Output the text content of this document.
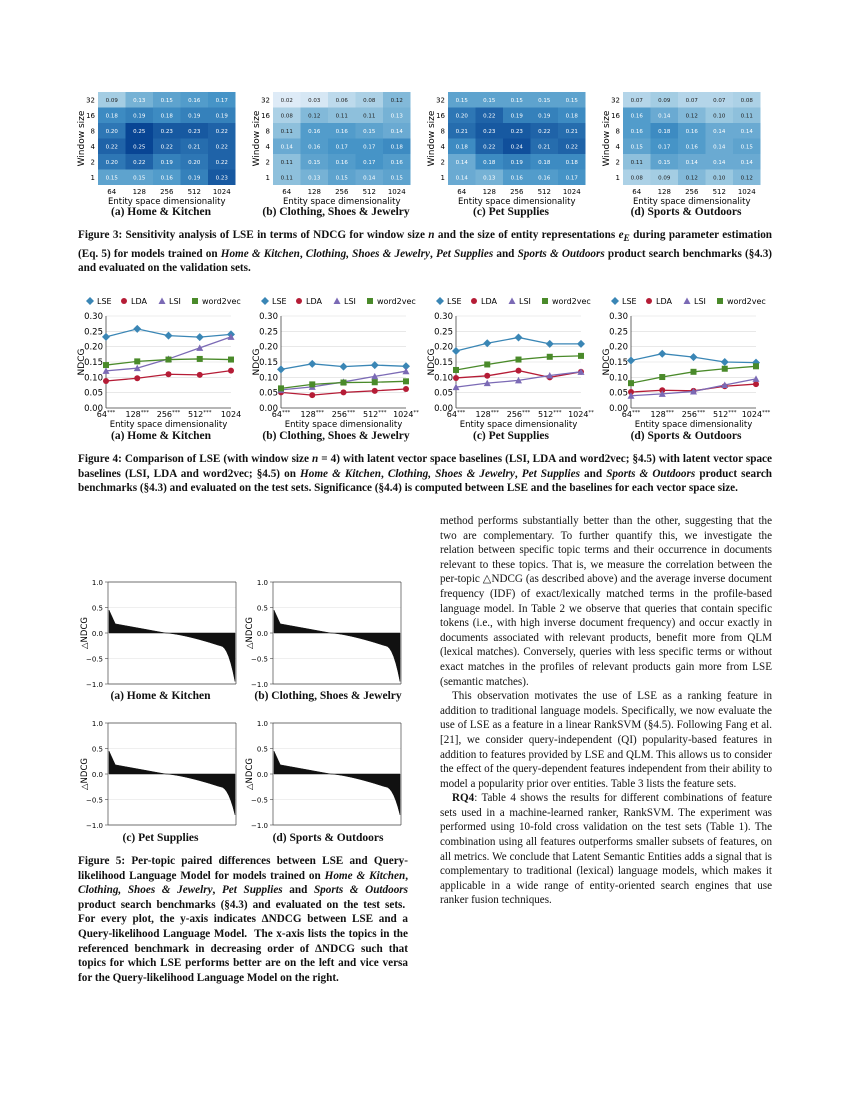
Window size
32 0.09	0.13	0.15	0.16	0.17
16 0.18	0.19	0.18	0.19	0.19
8 0.20	0.25	0.23	0.23	0.22
4 0.22	0.25	0.22	0.21	0.22
2 0.20	0.22	0.19	0.20	0.22
1 0.15	0.15	0.16	0.19	0.23
64 128 256 512 1024
Entity space dimensionality
Window size
32 0.02	0.03	0.06	0.08	0.12
16 0.08	0.12	0.11	0.11	0.13
8 0.11	0.16	0.16	0.15	0.14
4 0.14	0.16	0.17	0.17	0.18
2 0.11	0.15	0.16	0.17	0.16
1 0.11	0.13	0.15	0.14	0.15
64 128 256 512 1024
Entity space dimensionality
Window size
32 0.15	0.15	0.15	0.15	0.15
16 0.20	0.22	0.19	0.19	0.18
8 0.21	0.23	0.23	0.22	0.21
4 0.18	0.22	0.24	0.21	0.22
2 0.14	0.18	0.19	0.18	0.18
1 0.14	0.13	0.16	0.16	0.17
64 128 256 512 1024
Entity space dimensionality
Window size
32 0.07	0.09	0.07	0.07	0.08
16 0.16	0.14	0.12	0.10	0.11
8 0.16	0.18	0.16	0.14	0.14
4 0.15	0.17	0.16	0.14	0.15
2 0.11	0.15	0.14	0.14	0.14
1 0.08	0.09	0.12	0.10	0.12
64 128 256 512 1024
Entity space dimensionality
(a) Home & Kitchen	(b) Clothing, Shoes & Jewelry	(c) Pet Supplies	(d) Sports & Outdoors
Figure 3: Sensitivity analysis of LSE in terms of NDCG for window size n and the size of entity representations $e_E$ during parameter estimation (Eq. 5) for models trained on Home & Kitchen, Clothing, Shoes & Jewelry, Pet Supplies and Sports & Outdoors product search benchmarks (§4.3) and evaluated on the validation sets.
LSE LDA	LSI	word2vec
0.00
0.05
0.10
0.15
0.20
0.25
0.30
NDCG
64*** 128*** 256*** 512*** 1024
Entity space dimensionality
LSE LDA	LSI	word2vec
0.00
0.05
0.10
0.15
0.20
0.25
0.30
NDCG
64*** 128*** 256*** 512*** 1024**
Entity space dimensionality
LSE LDA	LSI	word2vec
0.00
0.05
0.10
0.15
0.20
0.25
0.30
NDCG
64*** 128*** 256*** 512*** 1024**
Entity space dimensionality
LSE LDA	LSI	word2vec
0.00
0.05
0.10
0.15
0.20
0.25
0.30
NDCG
64*** 128*** 256*** 512*** 1024***
Entity space dimensionality
(a) Home & Kitchen	(b) Clothing, Shoes & Jewelry	(c) Pet Supplies	(d) Sports & Outdoors
Figure 4: Comparison of LSE (with window size n = 4) with latent vector space baselines (LSI, LDA and word2vec; §4.5) with latent vector space baselines (LSI, LDA and word2vec; §4.5) on Home & Kitchen, Clothing, Shoes & Jewelry, Pet Supplies and Sports & Outdoors product search benchmarks (§4.3) and evaluated on the test sets. Significance (§4.4) is computed between LSE and the baselines for each vector space size.
1.0
0.5
0.0
−0.5
−1.0
△NDCG
1.0
0.5
0.0
−0.5
−1.0
△NDCG
1.0
0.5
0.0
−0.5
−1.0
△NDCG
1.0
0.5
0.0
−0.5
−1.0
△NDCG
(a) Home & Kitchen	(b) Clothing, Shoes & Jewelry
(c) Pet Supplies	(d) Sports & Outdoors
Figure 5: Per-topic paired differences between LSE and Query-likelihood Language Model for models trained on Home & Kitchen, Clothing, Shoes & Jewelry, Pet Supplies and Sports & Outdoors product search benchmarks (§4.3) and evaluated on the test sets.  For every plot, the y-axis indicates ΔNDCG between LSE and a Query-likelihood Language Model.  The x-axis lists the topics in the referenced benchmark in decreasing order of ΔNDCG such that topics for which LSE performs better are on the left and vice versa for the Query-likelihood Language Model on the right.

method performs substantially better than the other, suggesting that the two are complementary. To further quantify this, we investigate the relation between specific topic terms and their occurrence in documents relevant to these topics. That is, we measure the correlation between the per-topic △NDCG (as described above) and the average inverse document frequency (IDF) of exact/lexically matched terms in the profile-based language model. In Table 2 we observe that queries that contain specific tokens (i.e., with high inverse document frequency) and occur exactly in documents associated with relevant products, benefit more from QLM (lexical matches). Conversely, queries with less specific terms or without exact matches in the profiles of relevant products gain more from LSE (semantic matches).

This observation motivates the use of LSE as a ranking feature in addition to traditional language models. Specifically, we now evaluate the use of LSE as a feature in a linear RankSVM (§4.5). Following Fang et al. [21], we consider query-independent (QI) popularity-based features in addition to features provided by LSE and QLM. This allows us to consider the effect of the query-dependent features independent from their ability to model a popularity prior over entities. Table 3 lists the feature sets.

RQ4: Table 4 shows the results for different combinations of feature sets used in a machine-learned ranker, RankSVM. The experiment was performed using 10-fold cross validation on the test sets (Table 1). The combination using all features outperforms smaller subsets of features, on all metrics. We conclude that Latent Semantic Entities adds a signal that is complementary to traditional (lexical) language models, which makes it applicable in a wide range of entity-oriented search engines that use ranker fusion techniques.
